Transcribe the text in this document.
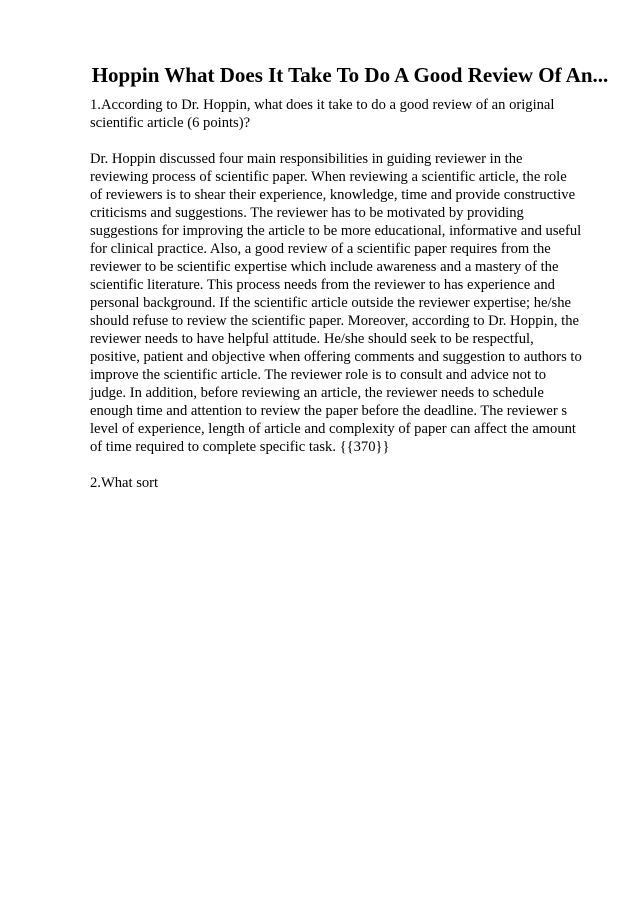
Hoppin What Does It Take To Do A Good Review Of An...
1.According to Dr. Hoppin, what does it take to do a good review of an original
scientific article (6 points)?
Dr. Hoppin discussed four main responsibilities in guiding reviewer in the
reviewing process of scientific paper. When reviewing a scientific article, the role
of reviewers is to shear their experience, knowledge, time and provide constructive
criticisms and suggestions. The reviewer has to be motivated by providing
suggestions for improving the article to be more educational, informative and useful
for clinical practice. Also, a good review of a scientific paper requires from the
reviewer to be scientific expertise which include awareness and a mastery of the
scientific literature. This process needs from the reviewer to has experience and
personal background. If the scientific article outside the reviewer expertise; he/she
should refuse to review the scientific paper. Moreover, according to Dr. Hoppin, the
reviewer needs to have helpful attitude. He/she should seek to be respectful,
positive, patient and objective when offering comments and suggestion to authors to
improve the scientific article. The reviewer role is to consult and advice not to
judge. In addition, before reviewing an article, the reviewer needs to schedule
enough time and attention to review the paper before the deadline. The reviewer s
level of experience, length of article and complexity of paper can affect the amount
of time required to complete specific task. {{370}}
2.What sort
